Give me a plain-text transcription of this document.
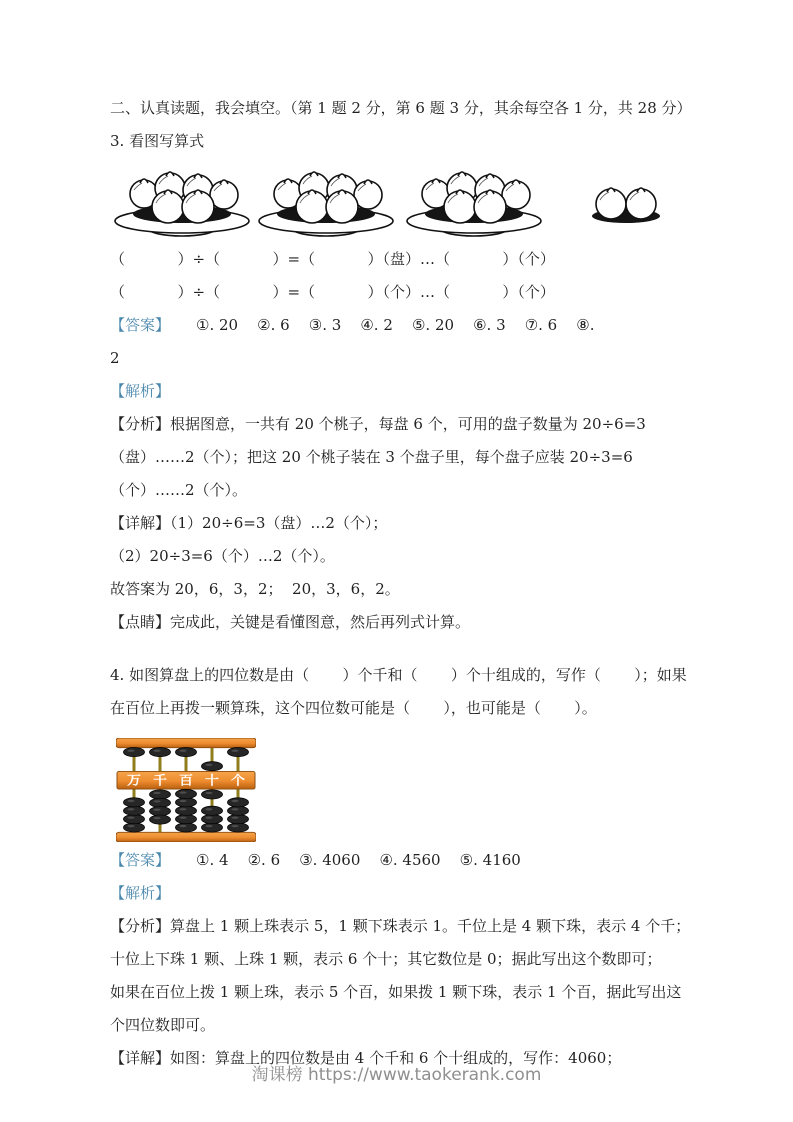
二、认真读题，我会填空。（第 1 题 2 分，第 6 题 3 分，其余每空各 1 分，共 28 分）

3. 看图写算式

（           ）÷（           ）=（           ）（盘）…（           ）（个）

（           ）÷（           ）=（           ）（个）…（           ）（个）

【答案】 ①. 20    ②. 6    ③. 3    ④. 2    ⑤. 20    ⑥. 3    ⑦. 6    ⑧.
2

【解析】

【分析】根据图意，一共有 20 个桃子，每盘 6 个，可用的盘子数量为 20÷6=3（盘）……2（个）；把这 20 个桃子装在 3 个盘子里，每个盘子应装 20÷3=6（个）……2（个）。

【详解】（1）20÷6=3（盘）…2（个）；

（2）20÷3=6（个）…2（个）。

故答案为 20，6，3，2；  20，3，6，2。

【点睛】完成此，关键是看懂图意，然后再列式计算。

4. 如图算盘上的四位数是由（       ）个千和（       ）个十组成的，写作（       ）；如果在百位上再拨一颗算珠，这个四位数可能是（       ），也可能是（       ）。

万 千 百 十 个

【答案】 ①. 4    ②. 6    ③. 4060    ④. 4560    ⑤. 4160

【解析】

【分析】算盘上 1 颗上珠表示 5，1 颗下珠表示 1。千位上是 4 颗下珠，表示 4 个千；十位上下珠 1 颗、上珠 1 颗，表示 6 个十；其它数位是 0；据此写出这个数即可；
如果在百位上拨 1 颗上珠，表示 5 个百，如果拨 1 颗下珠，表示 1 个百，据此写出这个四位数即可。

【详解】如图：算盘上的四位数是由 4 个千和 6 个十组成的，写作：4060；

淘课榜 https://www.taokerank.com
